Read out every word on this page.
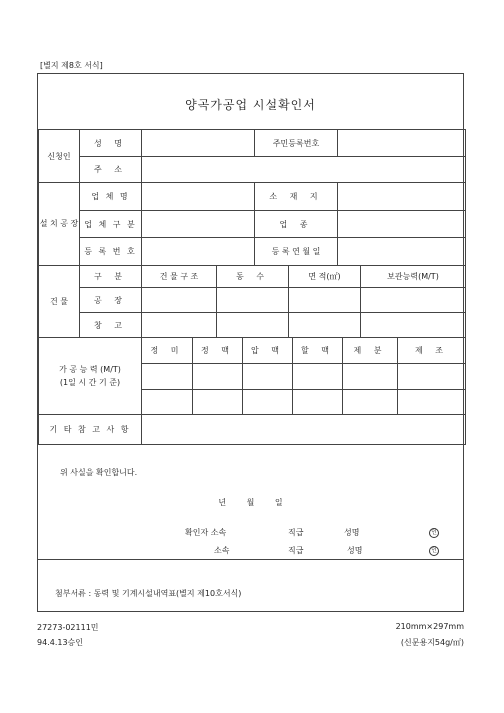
[별지 제8호 서식]
양곡가공업 시설확인서
신청인	성 명		주민등록번호	
	주 소			
설 치 공 장	업 체 명		소 재 지	
	업 체 구 분		업 종	
	등 록 번 호		등 록 연 월 일	
건 물	구 분	건 물 구 조	동 수	면 적(㎡)	보관능력(M/T)
	공 장				
	창 고				
가 공 능 력 (M/T)
(1일 시 간 기 준)	정 미	정 맥	압 맥	할 맥	제 분	제 조

기 타 참 고 사 항	
위 사실을 확인합니다.
년 월 일
확인자 소속	직급	성명	인
소속	직급	성명	인
첨부서류 : 동력 및 기계시설내역표(별지 제10호서식)
27273-02111민
94.4.13승인
210mm×297mm
(신문용지54g/㎡)
